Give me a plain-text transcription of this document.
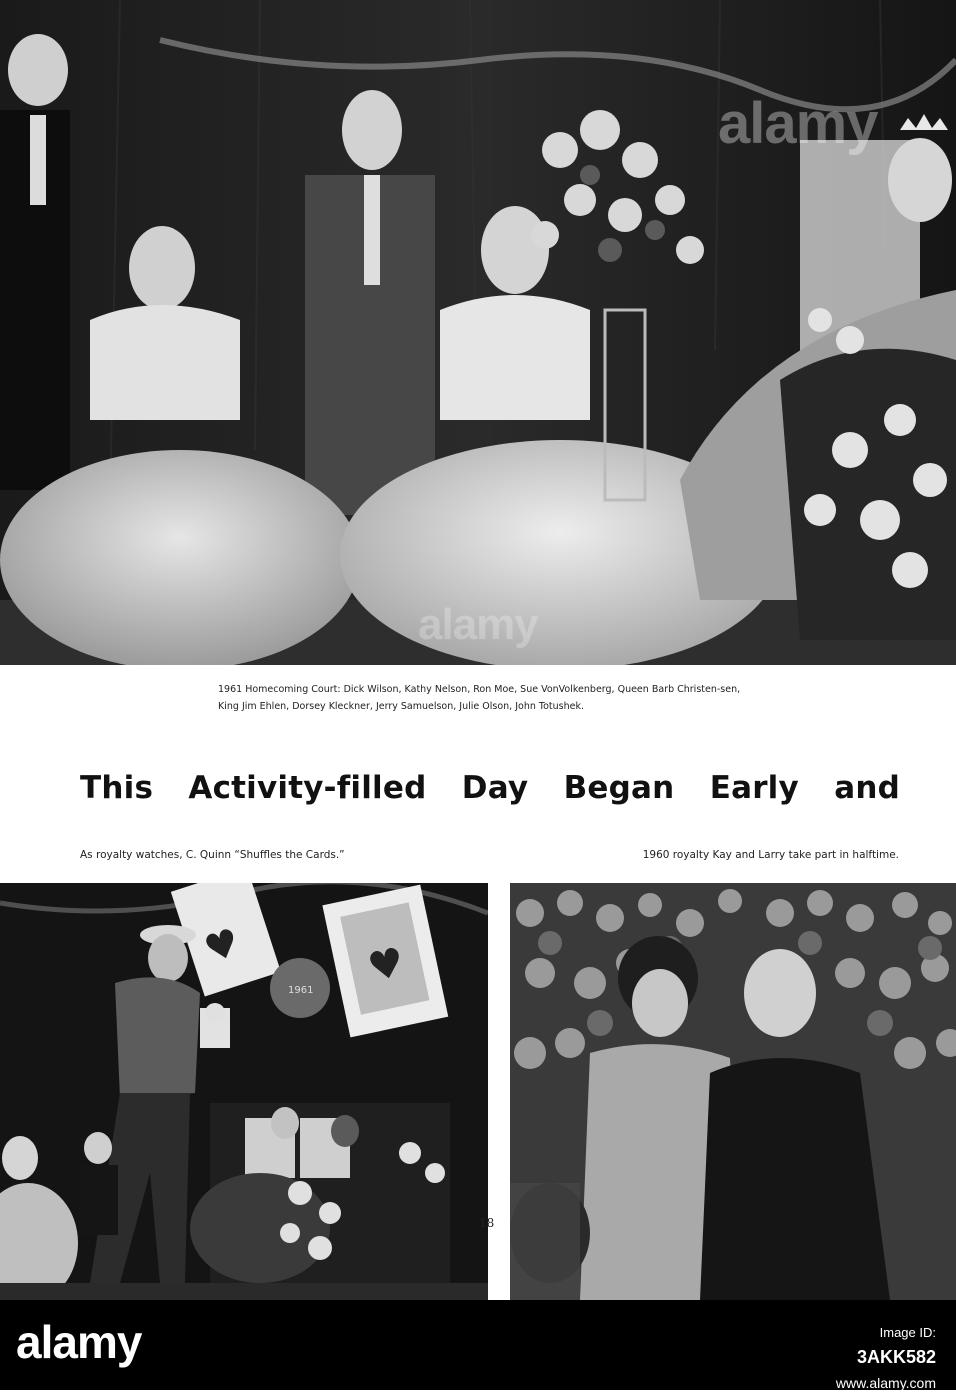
alamy
alamy
1961 Homecoming Court: Dick Wilson, Kathy Nelson, Ron Moe, Sue VonVolkenberg, Queen Barb Christen-sen, King Jim Ehlen, Dorsey Kleckner, Jerry Samuelson, Julie Olson, John Totushek.
This Activity-filled Day Began Early and
As royalty watches, C. Quinn “Shuffles the Cards.”	1960 royalty Kay and Larry take part in halftime.
♥	♥
1961
18
alamy	Image ID:
3AKK582
www.alamy.com
